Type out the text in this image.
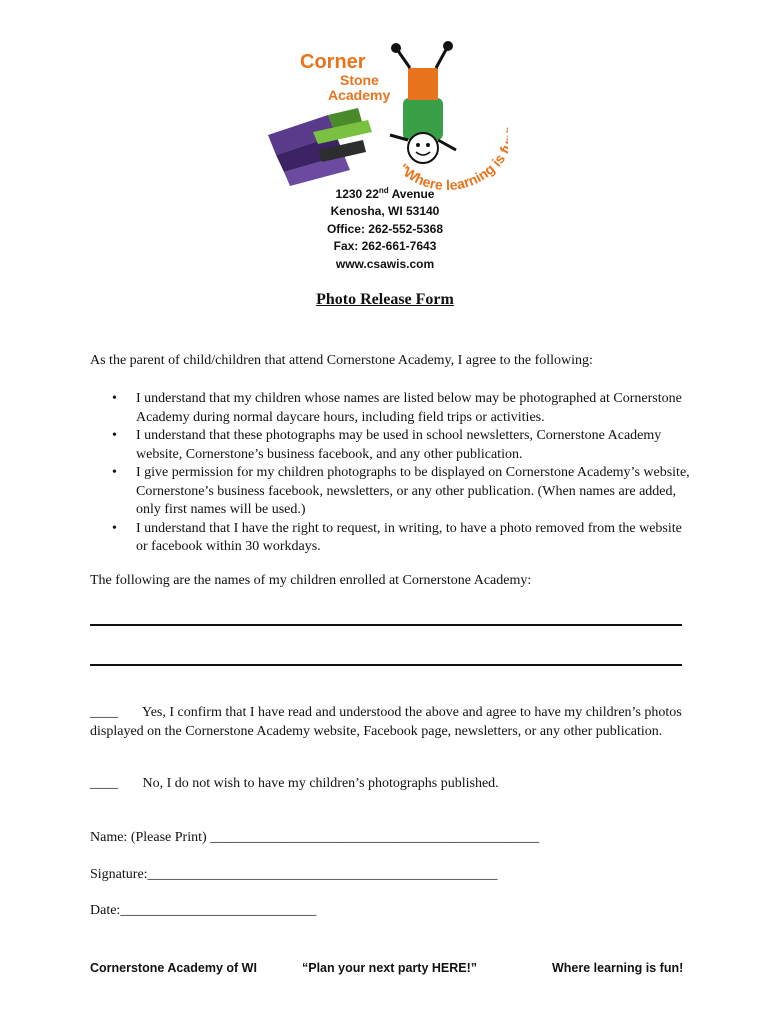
Corner
Stone
Academy
"Where learning is
1230 22nd Avenue
Kenosha, WI 53140
Office: 262-552-5368
Fax: 262-661-7643
www.csawis.com
Photo Release Form
As the parent of child/children that attend Cornerstone Academy, I agree to the following:
• I understand that my children whose names are listed below may be photographed at Cornerstone Academy during normal daycare hours, including field trips or activities.
• I understand that these photographs may be used in school newsletters, Cornerstone Academy website, Cornerstone’s business facebook, and any other publication.
• I give permission for my children photographs to be displayed on Cornerstone Academy’s website, Cornerstone’s business facebook, newsletters, or any other publication. (When names are added, only first names will be used.)
• I understand that I have the right to request, in writing, to have a photo removed from the website or facebook within 30 workdays.
The following are the names of my children enrolled at Cornerstone Academy:
____ Yes, I confirm that I have read and understood the above and agree to have my children’s photos displayed on the Cornerstone Academy website, Facebook page, newsletters, or any other publication.
____ No, I do not wish to have my children’s photographs published.
Name: (Please Print) _______________________________________________
Signature:__________________________________________________
Date:____________________________
Cornerstone Academy of WI	“Plan your next party HERE!”	Where learning is fun!
